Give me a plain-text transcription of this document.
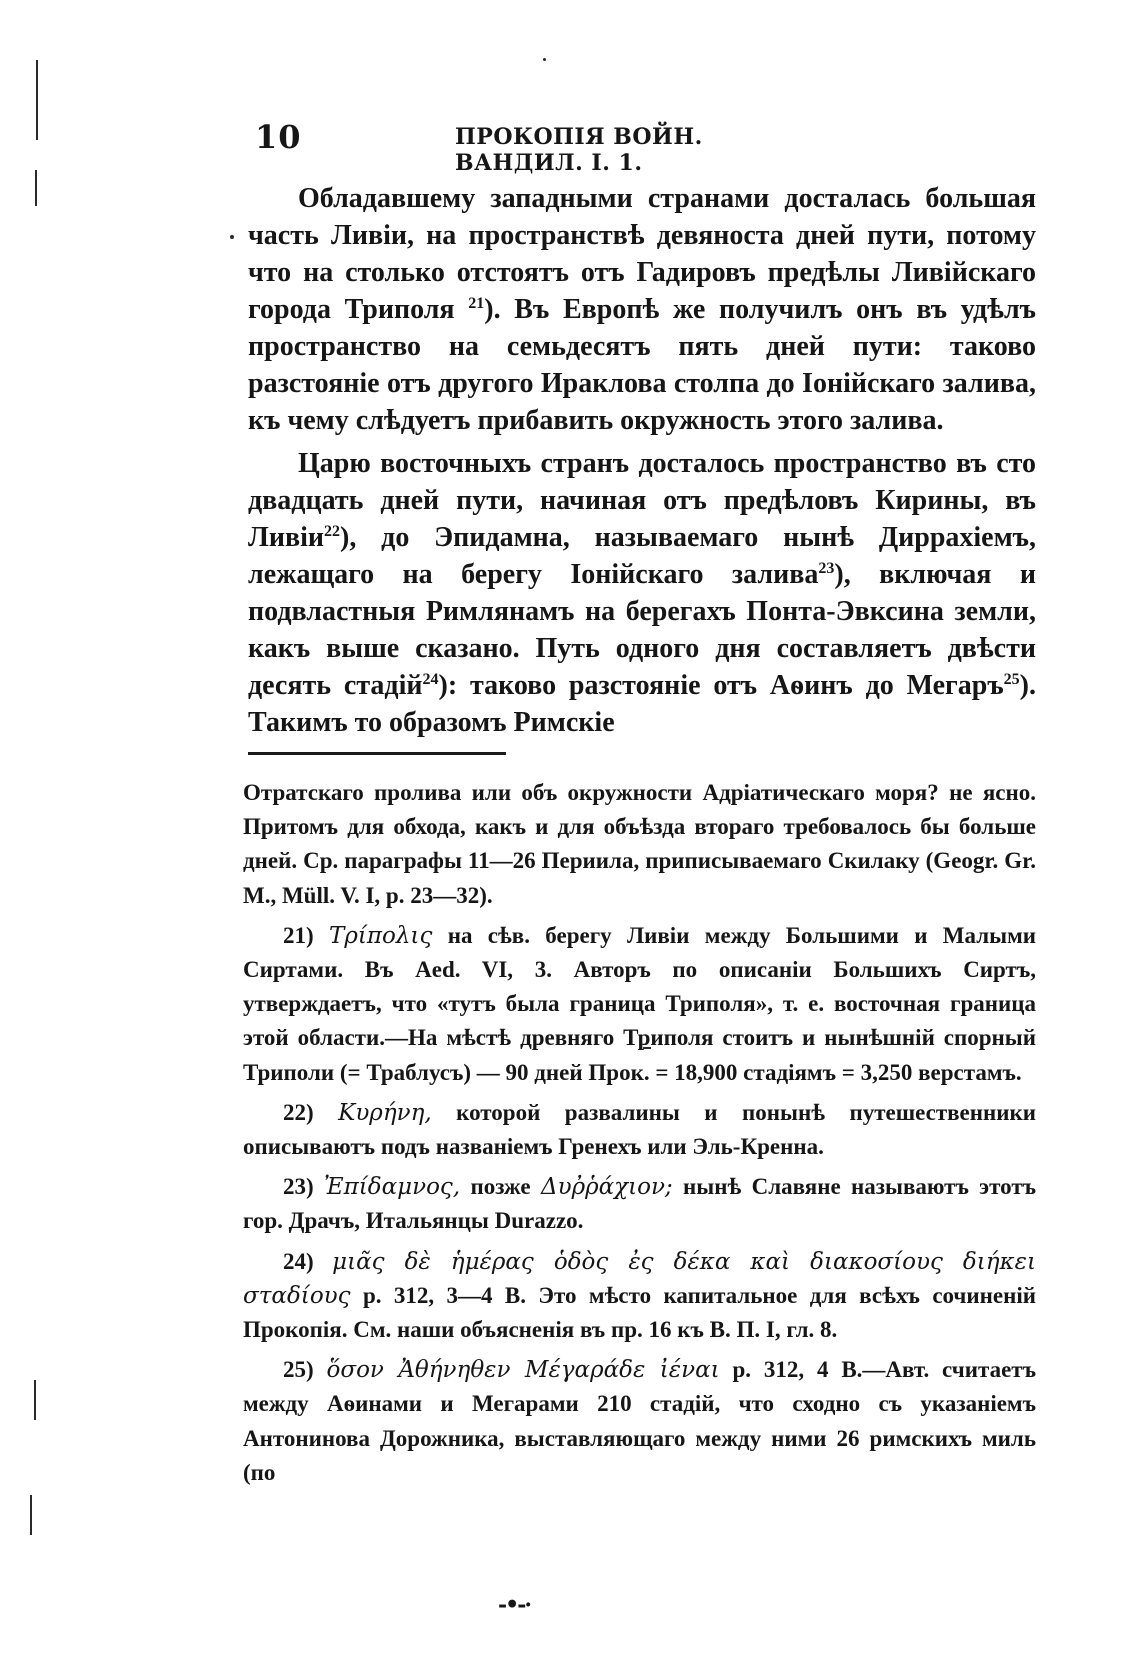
10	ПРОКОПІЯ ВОЙН. ВАНДИЛ. І. 1.

Обладавшему западными странами досталась большая часть Ливіи, на пространствѣ девяноста дней пути, потому что на столько отстоятъ отъ Гадировъ предѣлы Ливійскаго города Триполя $^{21}$). Въ Европѣ же получилъ онъ въ удѣлъ пространство на семьдесятъ пять дней пути: таково разстояніе отъ другого Ираклова столпа до Іонійскаго залива, къ чему слѣдуетъ прибавить окружность этого залива.

Царю восточныхъ странъ досталось пространство въ сто двадцать дней пути, начиная отъ предѣловъ Кирины, въ Ливіи$^{22}$), до Эпидамна, называемаго нынѣ Диррахіемъ, лежащаго на берегу Іонійскаго залива$^{23}$), включая и подвластныя Римлянамъ на берегахъ Понта-Эвксина земли, какъ выше сказано. Путь одного дня составляетъ двѣсти десять стадій$^{24}$): таково разстояніе отъ Аѳинъ до Мегаръ$^{25}$). Такимъ то образомъ Римскіе

Отратскаго пролива или объ окружности Адріатическаго моря? не ясно. Притомъ для обхода, какъ и для объѣзда втораго требовалось бы больше дней. Ср. параграфы 11—26 Периила, приписываемаго Скилаку (Geogr. Gr. M., Müll. V. I, p. 23—32).

21) Τρίπολις на сѣв. берегу Ливіи между Большими и Малыми Сиртами. Въ Aed. VI, 3. Авторъ по описаніи Большихъ Сиртъ, утверждаетъ, что «тутъ была граница Триполя», т. е. восточная граница этой области.—На мѣстѣ древняго Триполя стоитъ и нынѣшній спорный Триполи (= Траблусъ) — 90 дней Прок. = 18,900 стадіямъ = 3,250 верстамъ.

22) Κυρήνη, которой развалины и понынѣ путешественники описываютъ подъ названіемъ Гренехъ или Эль-Кренна.

23) Ἐπίδαμνος, позже Δυῤῥάχιον; нынѣ Славяне называютъ этотъ гор. Драчъ, Итальянцы Durazzo.

24) μιᾶς δὲ ἡμέρας ὁδὸς ἐς δέκα καὶ διακοσίους διήκει σταδίους p. 312, 3—4 B. Это мѣсто капитальное для всѣхъ сочиненій Прокопія. См. наши объясненія въ пр. 16 къ В. П. I, гл. 8.

25) ὅσον Ἀθήνηθεν Μέγαράδε ἰέναι p. 312, 4 B.—Авт. считаетъ между Аѳинами и Мегарами 210 стадій, что сходно съ указаніемъ Антонинова Дорожника, выставляющаго между ними 26 римскихъ миль (по

-•-·
